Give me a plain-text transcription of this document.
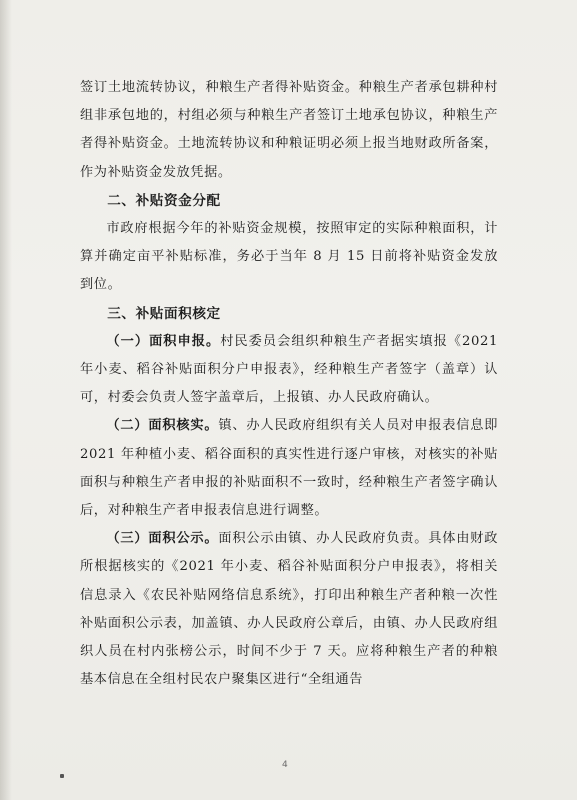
签订土地流转协议，种粮生产者得补贴资金。种粮生产者承包耕种村组非承包地的，村组必须与种粮生产者签订土地承包协议，种粮生产者得补贴资金。土地流转协议和种粮证明必须上报当地财政所备案，作为补贴资金发放凭据。

二、补贴资金分配

市政府根据今年的补贴资金规模，按照审定的实际种粮面积，计算并确定亩平补贴标准，务必于当年 8 月 15 日前将补贴资金发放到位。

三、补贴面积核定

（一）面积申报。村民委员会组织种粮生产者据实填报《2021年小麦、稻谷补贴面积分户申报表》，经种粮生产者签字（盖章）认可，村委会负责人签字盖章后，上报镇、办人民政府确认。

（二）面积核实。镇、办人民政府组织有关人员对申报表信息即 2021 年种植小麦、稻谷面积的真实性进行逐户审核，对核实的补贴面积与种粮生产者申报的补贴面积不一致时，经种粮生产者签字确认后，对种粮生产者申报表信息进行调整。

（三）面积公示。面积公示由镇、办人民政府负责。具体由财政所根据核实的《2021 年小麦、稻谷补贴面积分户申报表》，将相关信息录入《农民补贴网络信息系统》，打印出种粮生产者种粮一次性补贴面积公示表，加盖镇、办人民政府公章后，由镇、办人民政府组织人员在村内张榜公示，时间不少于 7 天。应将种粮生产者的种粮基本信息在全组村民农户聚集区进行“全组通告

4
